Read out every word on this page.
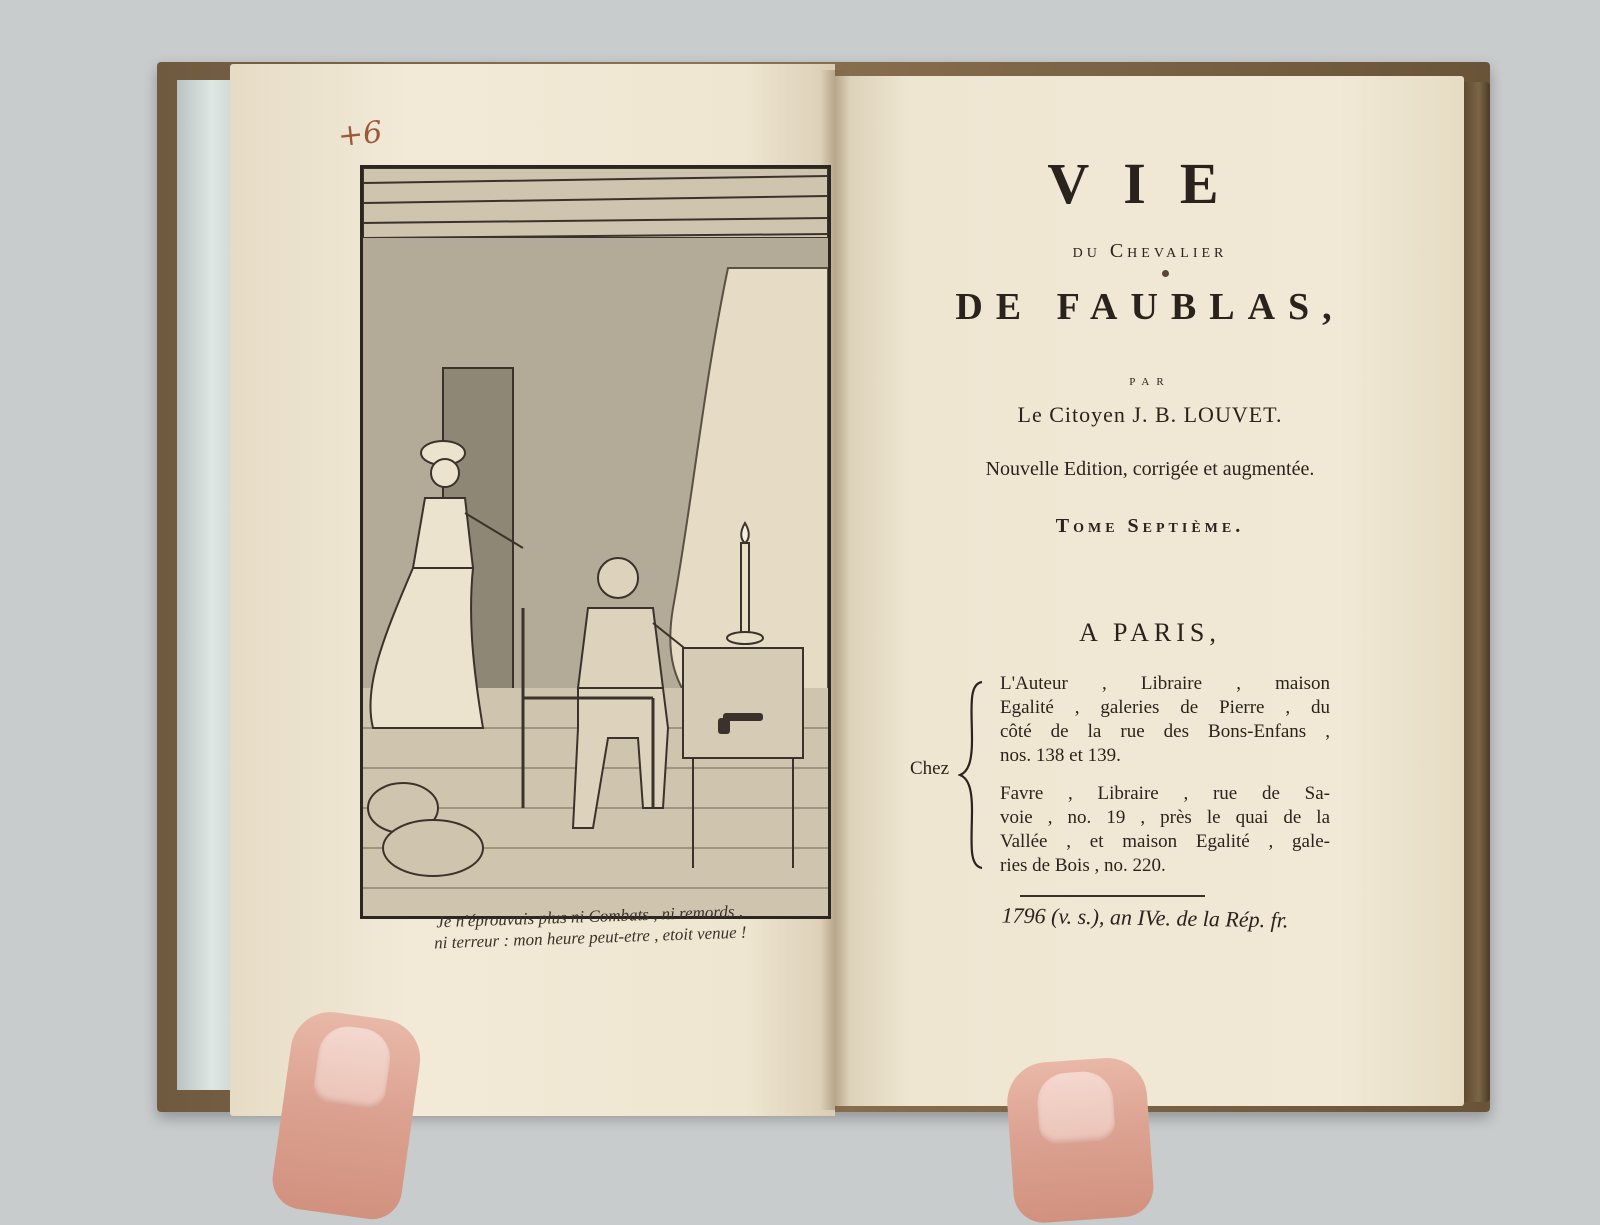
+6
Je n'éprouvais plus ni Combats , ni remords ,
ni terreur : mon heure peut-etre , etoit venue !
VIE
du Chevalier
DE FAUBLAS,
par
Le Citoyen J. B. LOUVET.
Nouvelle Edition, corrigée et augmentée.
Tome Septième.
A PARIS,
Chez
L'Auteur , Libraire , maison
Egalité , galeries de Pierre , du
côté de la rue des Bons-Enfans ,
nos. 138 et 139.
Favre , Libraire , rue de Sa-
voie , no. 19 , près le quai de la
Vallée , et maison Egalité , gale-
ries de Bois , no. 220.
1796 (v. s.), an IVe. de la Rép. fr.
